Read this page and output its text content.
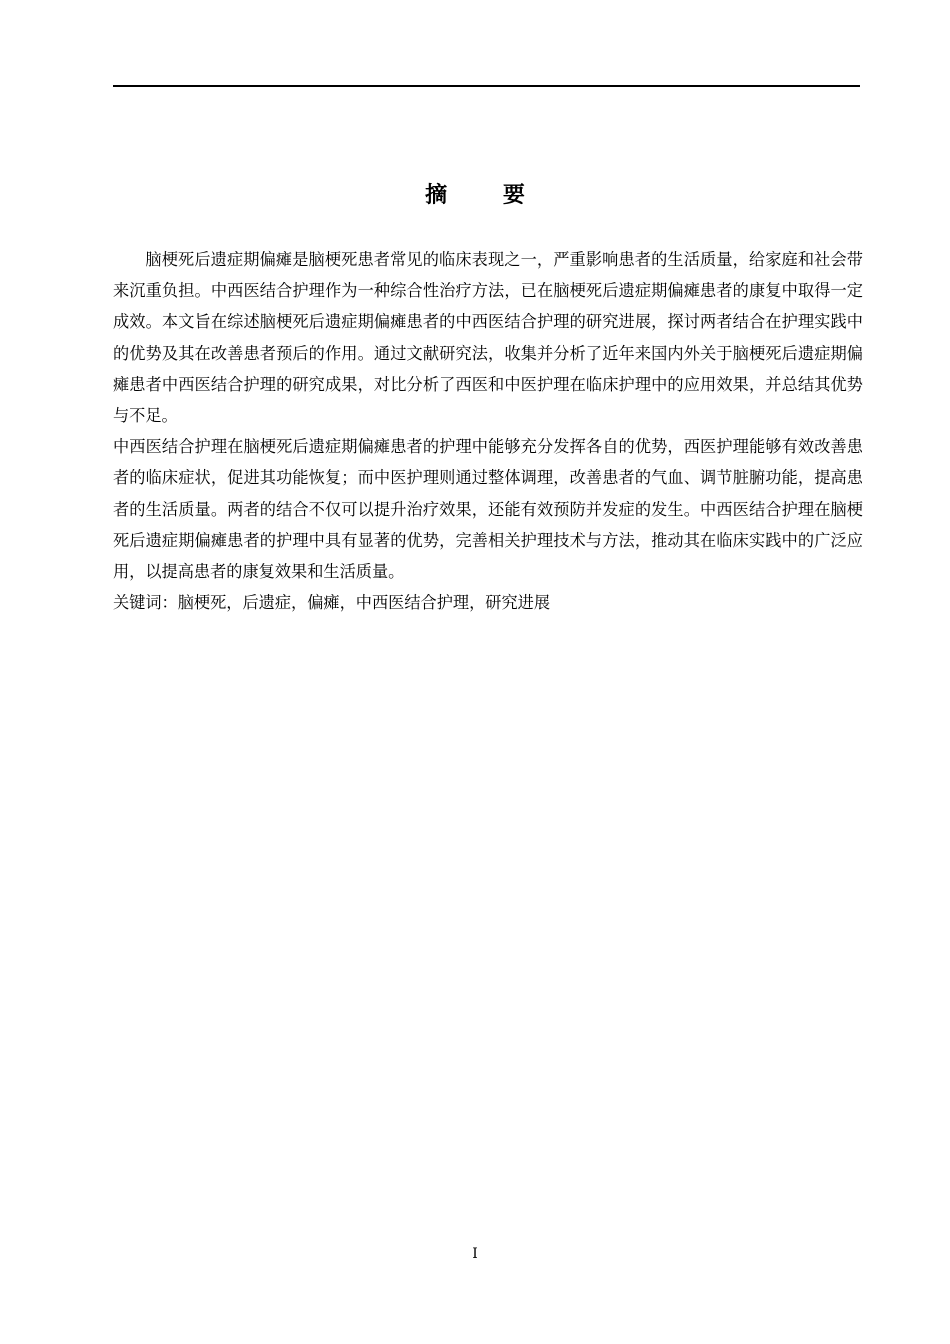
摘 要

脑梗死后遗症期偏瘫是脑梗死患者常见的临床表现之一，严重影响患者的生活质量，给家庭和社会带来沉重负担。中西医结合护理作为一种综合性治疗方法，已在脑梗死后遗症期偏瘫患者的康复中取得一定成效。本文旨在综述脑梗死后遗症期偏瘫患者的中西医结合护理的研究进展，探讨两者结合在护理实践中的优势及其在改善患者预后的作用。通过文献研究法，收集并分析了近年来国内外关于脑梗死后遗症期偏瘫患者中西医结合护理的研究成果，对比分析了西医和中医护理在临床护理中的应用效果，并总结其优势与不足。

中西医结合护理在脑梗死后遗症期偏瘫患者的护理中能够充分发挥各自的优势，西医护理能够有效改善患者的临床症状，促进其功能恢复；而中医护理则通过整体调理，改善患者的气血、调节脏腑功能，提高患者的生活质量。两者的结合不仅可以提升治疗效果，还能有效预防并发症的发生。中西医结合护理在脑梗死后遗症期偏瘫患者的护理中具有显著的优势，完善相关护理技术与方法，推动其在临床实践中的广泛应用，以提高患者的康复效果和生活质量。

关键词：脑梗死，后遗症，偏瘫，中西医结合护理，研究进展

I
